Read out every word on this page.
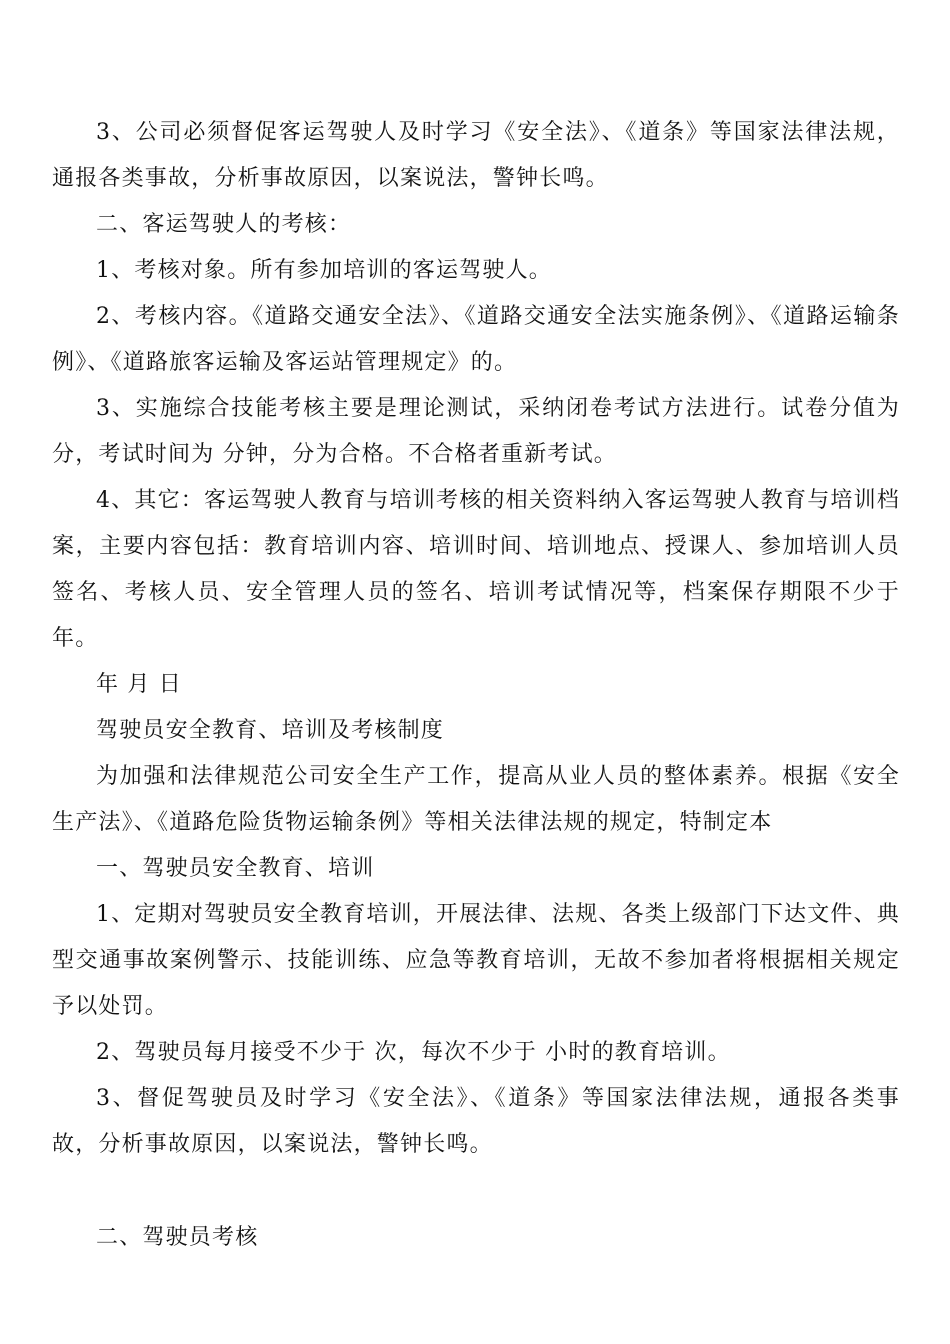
3、公司必须督促客运驾驶人及时学习《安全法》、《道条》等国家法律法规，通报各类事故，分析事故原因，以案说法，警钟长鸣。

二、客运驾驶人的考核：

1、考核对象。所有参加培训的客运驾驶人。

2、考核内容。《道路交通安全法》、《道路交通安全法实施条例》、《道路运输条例》、《道路旅客运输及客运站管理规定》的。

3、实施综合技能考核主要是理论测试，采纳闭卷考试方法进行。试卷分值为分，考试时间为 分钟，分为合格。不合格者重新考试。

4、其它：客运驾驶人教育与培训考核的相关资料纳入客运驾驶人教育与培训档案，主要内容包括：教育培训内容、培训时间、培训地点、授课人、参加培训人员签名、考核人员、安全管理人员的签名、培训考试情况等，档案保存期限不少于 年。

年 月 日

驾驶员安全教育、培训及考核制度

为加强和法律规范公司安全生产工作，提高从业人员的整体素养。根据《安全生产法》、《道路危险货物运输条例》等相关法律法规的规定，特制定本

一、驾驶员安全教育、培训

1、定期对驾驶员安全教育培训，开展法律、法规、各类上级部门下达文件、典型交通事故案例警示、技能训练、应急等教育培训，无故不参加者将根据相关规定予以处罚。

2、驾驶员每月接受不少于 次，每次不少于 小时的教育培训。

3、督促驾驶员及时学习《安全法》、《道条》等国家法律法规，通报各类事故，分析事故原因，以案说法，警钟长鸣。

二、驾驶员考核
